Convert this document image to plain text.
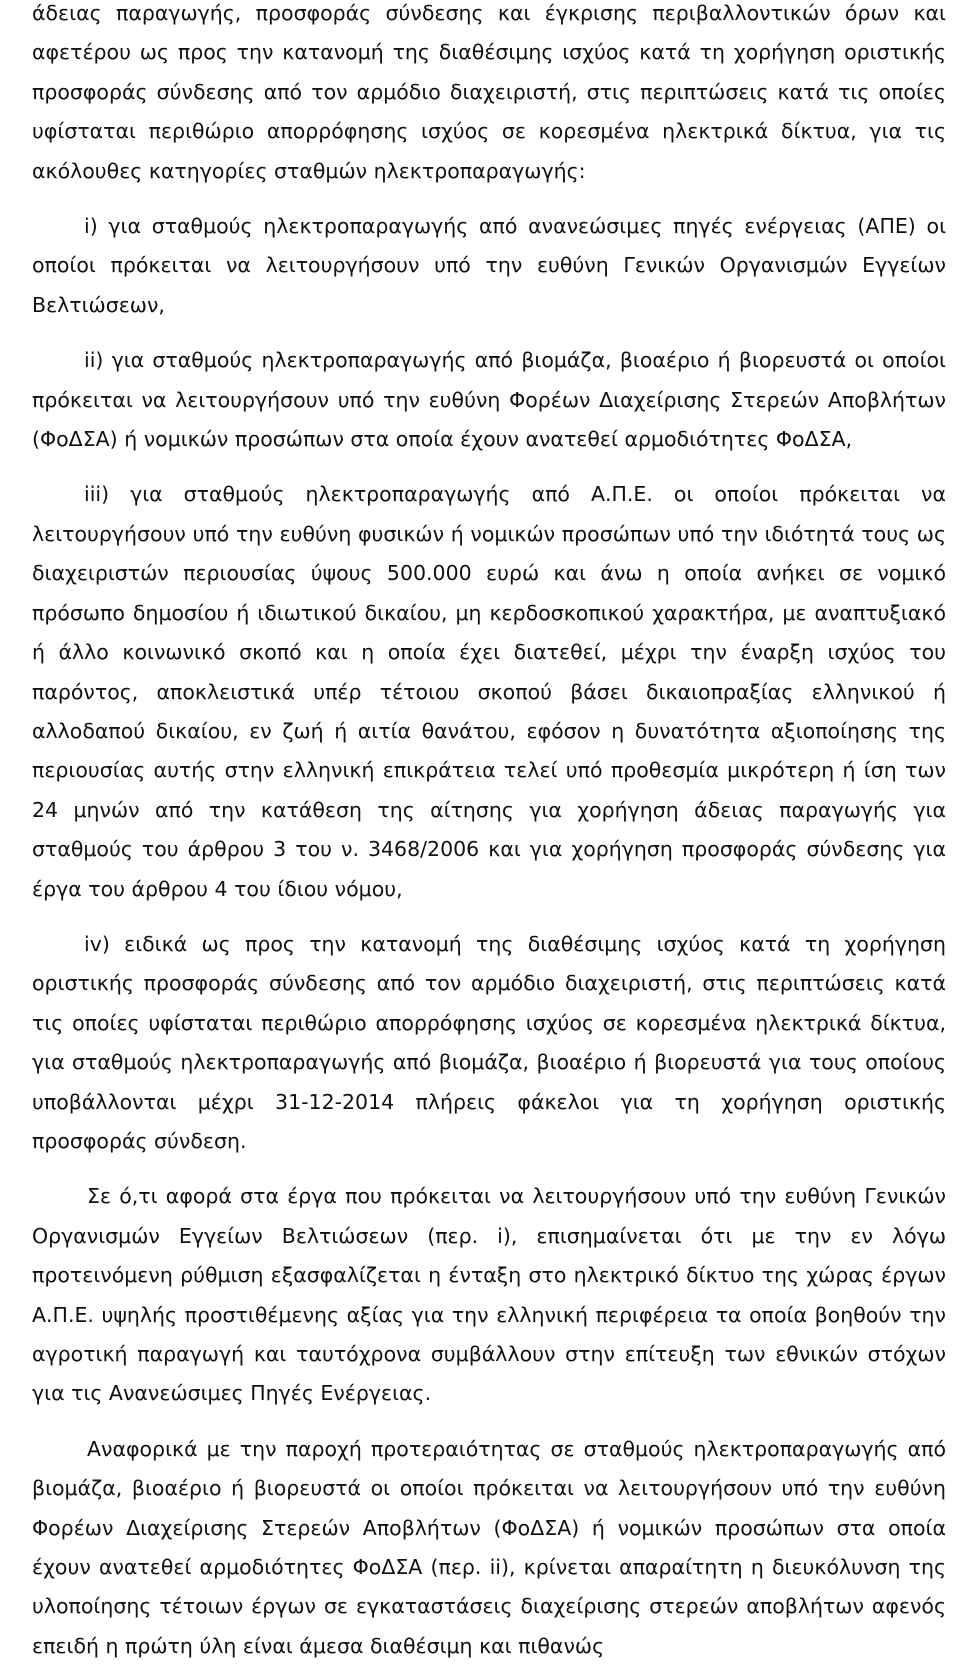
άδειας παραγωγής, προσφοράς σύνδεσης και έγκρισης περιβαλλοντικών όρων και αφετέρου ως προς την κατανομή της διαθέσιμης ισχύος κατά τη χορήγηση οριστικής προσφοράς σύνδεσης από τον αρμόδιο διαχειριστή, στις περιπτώσεις κατά τις οποίες υφίσταται περιθώριο απορρόφησης ισχύος σε κορεσμένα ηλεκτρικά δίκτυα, για τις ακόλουθες κατηγορίες σταθμών ηλεκτροπαραγωγής:

i) για σταθμούς ηλεκτροπαραγωγής από ανανεώσιμες πηγές ενέργειας (ΑΠΕ) οι οποίοι πρόκειται να λειτουργήσουν υπό την ευθύνη Γενικών Οργανισμών Εγγείων Βελτιώσεων,

ii) για σταθμούς ηλεκτροπαραγωγής από βιομάζα, βιοαέριο ή βιορευστά οι οποίοι πρόκειται να λειτουργήσουν υπό την ευθύνη Φορέων Διαχείρισης Στερεών Αποβλήτων (ΦοΔΣΑ) ή νομικών προσώπων στα οποία έχουν ανατεθεί αρμοδιότητες ΦοΔΣΑ,

iii) για σταθμούς ηλεκτροπαραγωγής από Α.Π.Ε. οι οποίοι πρόκειται να λειτουργήσουν υπό την ευθύνη φυσικών ή νομικών προσώπων υπό την ιδιότητά τους ως διαχειριστών περιουσίας ύψους 500.000 ευρώ και άνω η οποία ανήκει σε νομικό πρόσωπο δημοσίου ή ιδιωτικού δικαίου, μη κερδοσκοπικού χαρακτήρα, με αναπτυξιακό ή άλλο κοινωνικό σκοπό και η οποία έχει διατεθεί, μέχρι την έναρξη ισχύος του παρόντος, αποκλειστικά υπέρ τέτοιου σκοπού βάσει δικαιοπραξίας ελληνικού ή αλλοδαπού δικαίου, εν ζωή ή αιτία θανάτου, εφόσον η δυνατότητα αξιοποίησης της περιουσίας αυτής στην ελληνική επικράτεια τελεί υπό προθεσμία μικρότερη ή ίση των 24 μηνών από την κατάθεση της αίτησης για χορήγηση άδειας παραγωγής για σταθμούς του άρθρου 3 του ν. 3468/2006 και για χορήγηση προσφοράς σύνδεσης για έργα του άρθρου 4 του ίδιου νόμου,

iv) ειδικά ως προς την κατανομή της διαθέσιμης ισχύος κατά τη χορήγηση οριστικής προσφοράς σύνδεσης από τον αρμόδιο διαχειριστή, στις περιπτώσεις κατά τις οποίες υφίσταται περιθώριο απορρόφησης ισχύος σε κορεσμένα ηλεκτρικά δίκτυα, για σταθμούς ηλεκτροπαραγωγής από βιομάζα, βιοαέριο ή βιορευστά για τους οποίους υποβάλλονται μέχρι 31-12-2014 πλήρεις φάκελοι για τη χορήγηση οριστικής προσφοράς σύνδεση.

Σε ό,τι αφορά στα έργα που πρόκειται να λειτουργήσουν υπό την ευθύνη Γενικών Οργανισμών Εγγείων Βελτιώσεων (περ. i), επισημαίνεται ότι με την εν λόγω προτεινόμενη ρύθμιση εξασφαλίζεται η ένταξη στο ηλεκτρικό δίκτυο της χώρας έργων Α.Π.Ε. υψηλής προστιθέμενης αξίας για την ελληνική περιφέρεια τα οποία βοηθούν την αγροτική παραγωγή και ταυτόχρονα συμβάλλουν στην επίτευξη των εθνικών στόχων για τις Ανανεώσιμες Πηγές Ενέργειας.

Αναφορικά με την παροχή προτεραιότητας σε σταθμούς ηλεκτροπαραγωγής από βιομάζα, βιοαέριο ή βιορευστά οι οποίοι πρόκειται να λειτουργήσουν υπό την ευθύνη Φορέων Διαχείρισης Στερεών Αποβλήτων (ΦοΔΣΑ) ή νομικών προσώπων στα οποία έχουν ανατεθεί αρμοδιότητες ΦοΔΣΑ (περ. ii), κρίνεται απαραίτητη η διευκόλυνση της υλοποίησης τέτοιων έργων σε εγκαταστάσεις διαχείρισης στερεών αποβλήτων αφενός επειδή η πρώτη ύλη είναι άμεσα διαθέσιμη και πιθανώς
